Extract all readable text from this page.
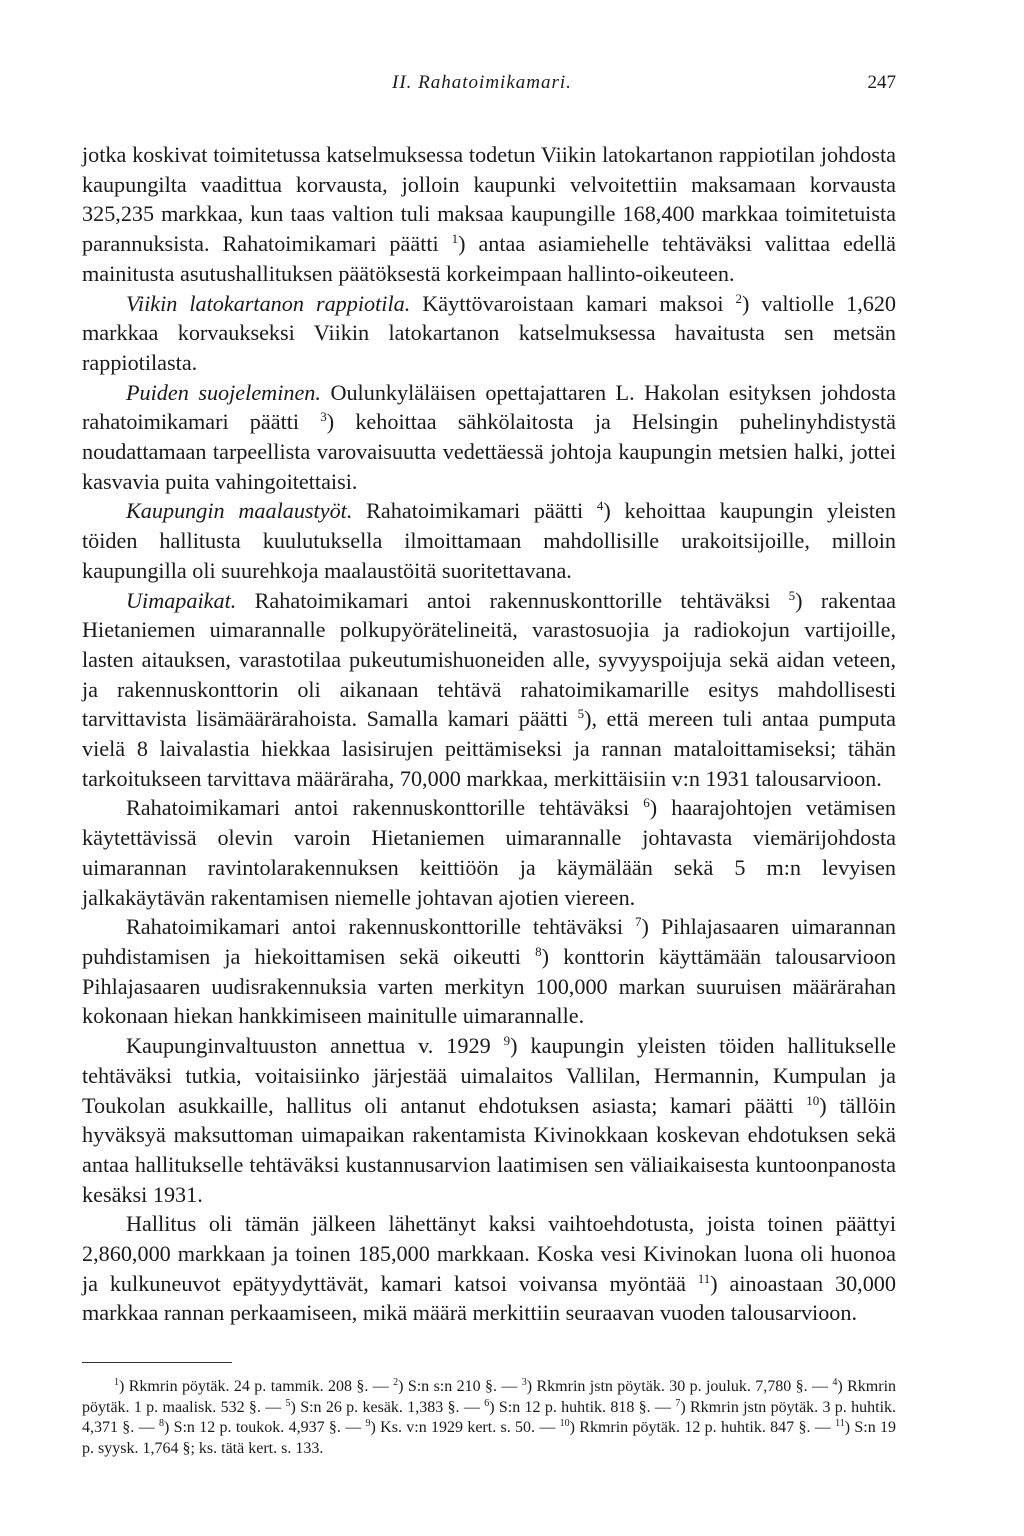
II. Rahatoimikamari.	247

jotka koskivat toimitetussa katselmuksessa todetun Viikin latokartanon rappiotilan johdosta kaupungilta vaadittua korvausta, jolloin kaupunki velvoitettiin maksamaan korvausta 325,235 markkaa, kun taas valtion tuli maksaa kaupungille 168,400 markkaa toimitetuista parannuksista. Rahatoimikamari päätti $^1$) antaa asiamiehelle tehtäväksi valittaa edellä mainitusta asutushallituksen päätöksestä korkeimpaan hallinto-oikeuteen.

Viikin latokartanon rappiotila. Käyttövaroistaan kamari maksoi $^2$) valtiolle 1,620 markkaa korvaukseksi Viikin latokartanon katselmuksessa havaitusta sen metsän rappiotilasta.

Puiden suojeleminen. Oulunkyläläisen opettajattaren L. Hakolan esityksen johdosta rahatoimikamari päätti $^3$) kehoittaa sähkölaitosta ja Helsingin puhelinyhdistystä noudattamaan tarpeellista varovaisuutta vedettäessä johtoja kaupungin metsien halki, jottei kasvavia puita vahingoitettaisi.

Kaupungin maalaustyöt. Rahatoimikamari päätti $^4$) kehoittaa kaupungin yleisten töiden hallitusta kuulutuksella ilmoittamaan mahdollisille urakoitsijoille, milloin kaupungilla oli suurehkoja maalaustöitä suoritettavana.

Uimapaikat. Rahatoimikamari antoi rakennuskonttorille tehtäväksi $^5$) rakentaa Hietaniemen uimarannalle polkupyörätelineitä, varastosuojia ja radiokojun vartijoille, lasten aitauksen, varastotilaa pukeutumishuoneiden alle, syvyyspoijuja sekä aidan veteen, ja rakennuskonttorin oli aikanaan tehtävä rahatoimikamarille esitys mahdollisesti tarvittavista lisämäärärahoista. Samalla kamari päätti $^5$), että mereen tuli antaa pumputa vielä 8 laivalastia hiekkaa lasisirujen peittämiseksi ja rannan mataloittamiseksi; tähän tarkoitukseen tarvittava määräraha, 70,000 markkaa, merkittäisiin v:n 1931 talousarvioon.

Rahatoimikamari antoi rakennuskonttorille tehtäväksi $^6$) haarajohtojen vetämisen käytettävissä olevin varoin Hietaniemen uimarannalle johtavasta viemärijohdosta uimarannan ravintolarakennuksen keittiöön ja käymälään sekä 5 m:n levyisen jalkakäytävän rakentamisen niemelle johtavan ajotien viereen.

Rahatoimikamari antoi rakennuskonttorille tehtäväksi $^7$) Pihlajasaaren uimarannan puhdistamisen ja hiekoittamisen sekä oikeutti $^8$) konttorin käyttämään talousarvioon Pihlajasaaren uudisrakennuksia varten merkityn 100,000 markan suuruisen määrärahan kokonaan hiekan hankkimiseen mainitulle uimarannalle.

Kaupunginvaltuuston annettua v. 1929 $^9$) kaupungin yleisten töiden hallitukselle tehtäväksi tutkia, voitaisiinko järjestää uimalaitos Vallilan, Hermannin, Kumpulan ja Toukolan asukkaille, hallitus oli antanut ehdotuksen asiasta; kamari päätti $^{10}$) tällöin hyväksyä maksuttoman uimapaikan rakentamista Kivinokkaan koskevan ehdotuksen sekä antaa hallitukselle tehtäväksi kustannusarvion laatimisen sen väliaikaisesta kuntoonpanosta kesäksi 1931.

Hallitus oli tämän jälkeen lähettänyt kaksi vaihtoehdotusta, joista toinen päättyi 2,860,000 markkaan ja toinen 185,000 markkaan. Koska vesi Kivinokan luona oli huonoa ja kulkuneuvot epätyydyttävät, kamari katsoi voivansa myöntää $^{11}$) ainoastaan 30,000 markkaa rannan perkaamiseen, mikä määrä merkittiin seuraavan vuoden talousarvioon.

$^1$) Rkmrin pöytäk. 24 p. tammik. 208 §. — $^2$) S:n s:n 210 §. — $^3$) Rkmrin jstn pöytäk. 30 p. jouluk. 7,780 §. — $^4$) Rkmrin pöytäk. 1 p. maalisk. 532 §. — $^5$) S:n 26 p. kesäk. 1,383 §. — $^6$) S:n 12 p. huhtik. 818 §. — $^7$) Rkmrin jstn pöytäk. 3 p. huhtik. 4,371 §. — $^8$) S:n 12 p. toukok. 4,937 §. — $^9$) Ks. v:n 1929 kert. s. 50. — $^{10}$) Rkmrin pöytäk. 12 p. huhtik. 847 §. — $^{11}$) S:n 19 p. syysk. 1,764 §; ks. tätä kert. s. 133.
